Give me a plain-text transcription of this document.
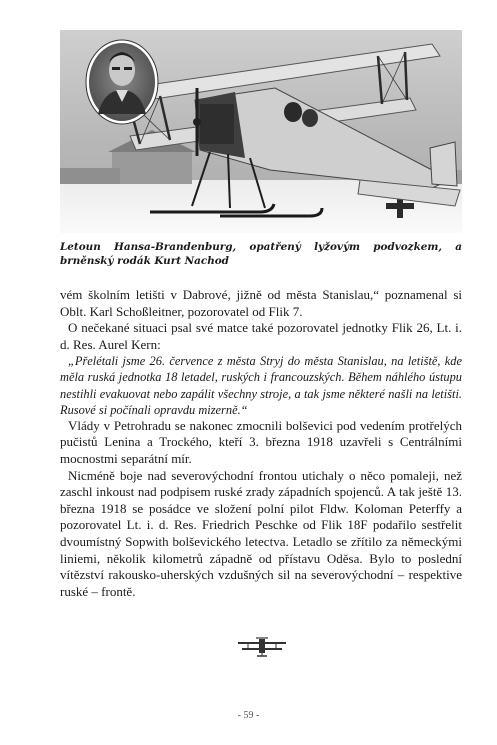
Letoun Hansa-Brandenburg, opatřený lyžovým podvozkem, a brněnský rodák Kurt Nachod

vém školním letišti v Dabrové, jižně od města Stanislau,“ poznamenal si Oblt. Karl Schoßleitner, pozorovatel od Flik 7.

O nečekané situaci psal své matce také pozorovatel jednotky Flik 26, Lt. i. d. Res. Aurel Kern:

„Přelétali jsme 26. července z města Stryj do města Stanislau, na letiště, kde měla ruská jednotka 18 letadel, ruských i francouzských. Během náhlého ústupu nestihli evakuovat nebo zapálit všechny stroje, a tak jsme některé našli na letišti. Rusové si počínali opravdu mizerně.“

Vlády v Petrohradu se nakonec zmocnili bolševici pod vedením protřelých pučistů Lenina a Trockého, kteří 3. března 1918 uzavřeli s Centrálními mocnostmi separátní mír.

Nicméně boje nad severovýchodní frontou utichaly o něco pomaleji, než zaschl inkoust nad podpisem ruské zrady západních spojenců. A tak ještě 13. března 1918 se posádce ve složení polní pilot Fldw. Koloman Peterffy a pozorovatel Lt. i. d. Res. Friedrich Peschke od Flik 18F podařilo sestřelit dvoumístný Sopwith bolševického letectva. Letadlo se zřítilo za německými liniemi, několik kilometrů západně od přístavu Oděsa. Bylo to poslední vítězství rakousko-uherských vzdušných sil na severovýchodní – respektive ruské – frontě.

- 59 -
